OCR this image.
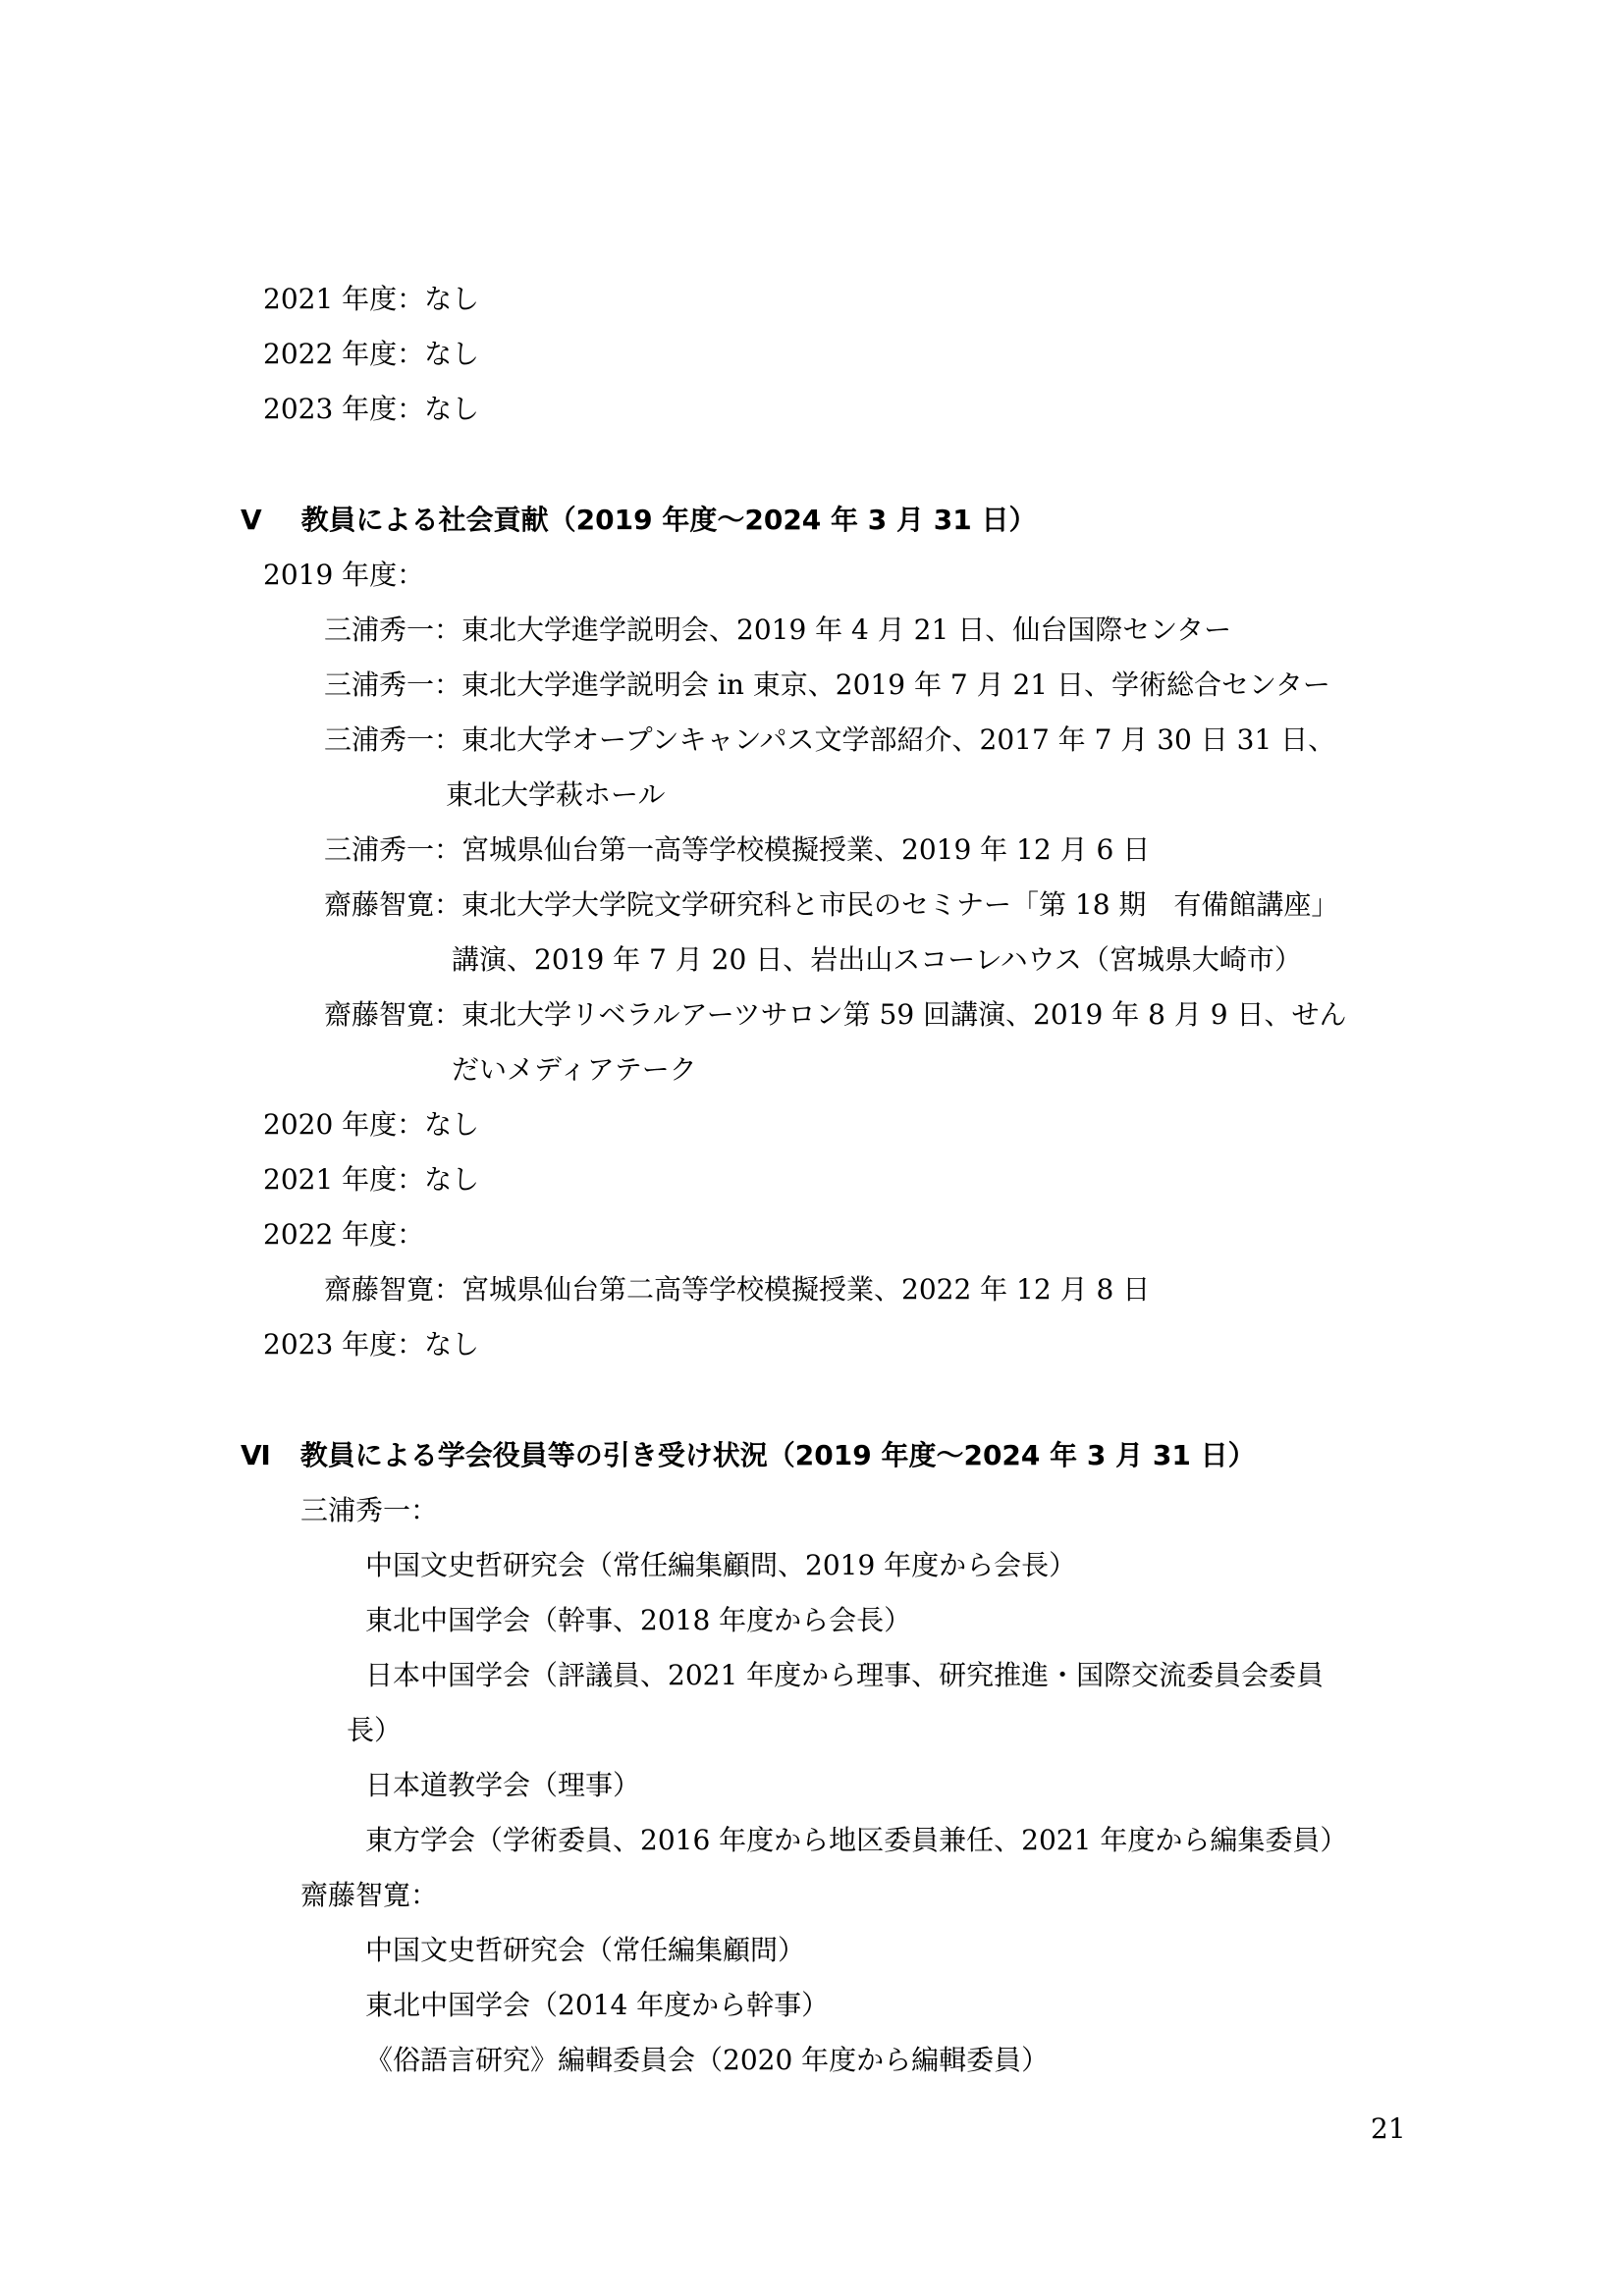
2021 年度：なし
2022 年度：なし
2023 年度：なし
Ⅴ 教員による社会貢献（2019 年度〜2024 年 3 月 31 日）
2019 年度：
三浦秀一：東北大学進学説明会、2019 年 4 月 21 日、仙台国際センター
三浦秀一：東北大学進学説明会 in 東京、2019 年 7 月 21 日、学術総合センター
三浦秀一：東北大学オープンキャンパス文学部紹介、2017 年 7 月 30 日 31 日、
東北大学萩ホール
三浦秀一：宮城県仙台第一高等学校模擬授業、2019 年 12 月 6 日
齋藤智寛：東北大学大学院文学研究科と市民のセミナー「第 18 期　有備館講座」
講演、2019 年 7 月 20 日、岩出山スコーレハウス（宮城県大崎市）
齋藤智寛：東北大学リベラルアーツサロン第 59 回講演、2019 年 8 月 9 日、せん
だいメディアテーク
2020 年度：なし
2021 年度：なし
2022 年度：
齋藤智寛：宮城県仙台第二高等学校模擬授業、2022 年 12 月 8 日
2023 年度：なし
Ⅵ 教員による学会役員等の引き受け状況（2019 年度〜2024 年 3 月 31 日）
三浦秀一：
中国文史哲研究会（常任編集顧問、2019 年度から会長）
東北中国学会（幹事、2018 年度から会長）
日本中国学会（評議員、2021 年度から理事、研究推進・国際交流委員会委員
長）
日本道教学会（理事）
東方学会（学術委員、2016 年度から地区委員兼任、2021 年度から編集委員）
齋藤智寛：
中国文史哲研究会（常任編集顧問）
東北中国学会（2014 年度から幹事）
《俗語言研究》編輯委員会（2020 年度から編輯委員）
21
